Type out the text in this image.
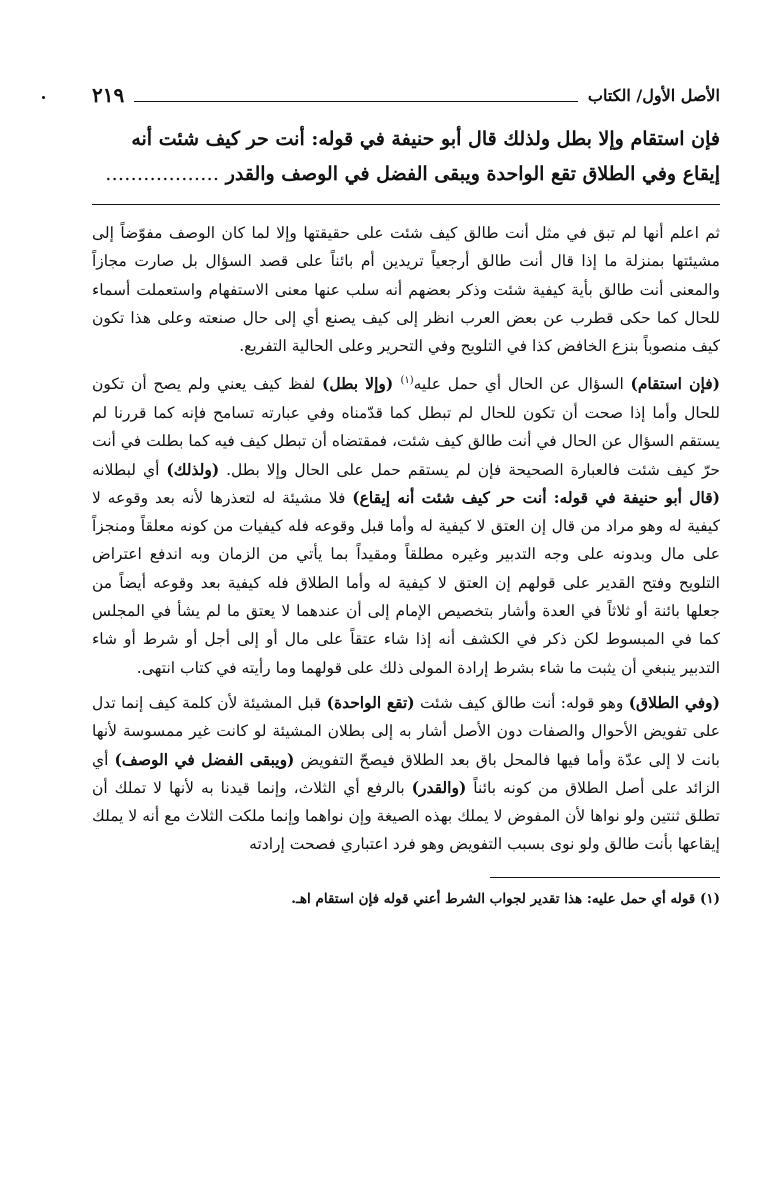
الأصل الأول/ الكتاب
٢١٩
فإن استقام وإلا بطل ولذلك قال أبو حنيفة في قوله: أنت حر كيف شئت أنه
إيقاع وفي الطلاق تقع الواحدة ويبقى الفضل في الوصف والقدر ………………

ثم اعلم أنها لم تبق في مثل أنت طالق كيف شئت على حقيقتها وإلا لما كان الوصف مفوّضاً إلى مشيئتها بمنزلة ما إذا قال أنت طالق أرجعياً تريدين أم بائناً على قصد السؤال بل صارت مجازاً والمعنى أنت طالق بأية كيفية شئت وذكر بعضهم أنه سلب عنها معنى الاستفهام واستعملت أسماء للحال كما حكى قطرب عن بعض العرب انظر إلى كيف يصنع أي إلى حال صنعته وعلى هذا تكون كيف منصوباً بنزع الخافض كذا في التلويح وفي التحرير وعلى الحالية التفريع.

(فإن استقام) السؤال عن الحال أي حمل عليه$^{(١)}$ (وإلا بطل) لفظ كيف يعني ولم يصح أن تكون للحال وأما إذا صحت أن تكون للحال لم تبطل كما قدّمناه وفي عبارته تسامح فإنه كما قررنا لم يستقم السؤال عن الحال في أنت طالق كيف شئت، فمقتضاه أن تبطل كيف فيه كما بطلت في أنت حرّ كيف شئت فالعبارة الصحيحة فإن لم يستقم حمل على الحال وإلا بطل. (ولذلك) أي لبطلانه (قال أبو حنيفة في قوله: أنت حر كيف شئت أنه إيقاع) فلا مشيئة له لتعذرها لأنه بعد وقوعه لا كيفية له وهو مراد من قال إن العتق لا كيفية له وأما قبل وقوعه فله كيفيات من كونه معلقاً ومنجزاً على مال وبدونه على وجه التدبير وغيره مطلقاً ومقيداً بما يأتي من الزمان وبه اندفع اعتراض التلويح وفتح القدير على قولهم إن العتق لا كيفية له وأما الطلاق فله كيفية بعد وقوعه أيضاً من جعلها بائنة أو ثلاثاً في العدة وأشار بتخصيص الإمام إلى أن عندهما لا يعتق ما لم يشأ في المجلس كما في المبسوط لكن ذكر في الكشف أنه إذا شاء عتقاً على مال أو إلى أجل أو شرط أو شاء التدبير ينبغي أن يثبت ما شاء بشرط إرادة المولى ذلك على قولهما وما رأيته في كتاب انتهى.

(وفي الطلاق) وهو قوله: أنت طالق كيف شئت (تقع الواحدة) قبل المشيئة لأن كلمة كيف إنما تدل على تفويض الأحوال والصفات دون الأصل أشار به إلى بطلان المشيئة لو كانت غير ممسوسة لأنها بانت لا إلى عدّة وأما فيها فالمحل باق بعد الطلاق فيصحّ التفويض (ويبقى الفضل في الوصف) أي الزائد على أصل الطلاق من كونه بائناً (والقدر) بالرفع أي الثلاث، وإنما قيدنا به لأنها لا تملك أن تطلق ثنتين ولو نواها لأن المفوض لا يملك بهذه الصيغة وإن نواهما وإنما ملكت الثلاث مع أنه لا يملك إيقاعها بأنت طالق ولو نوى بسبب التفويض وهو فرد اعتباري فصحت إرادته

(١) قوله أي حمل عليه: هذا تقدير لجواب الشرط أعني قوله فإن استقام اهـ.
